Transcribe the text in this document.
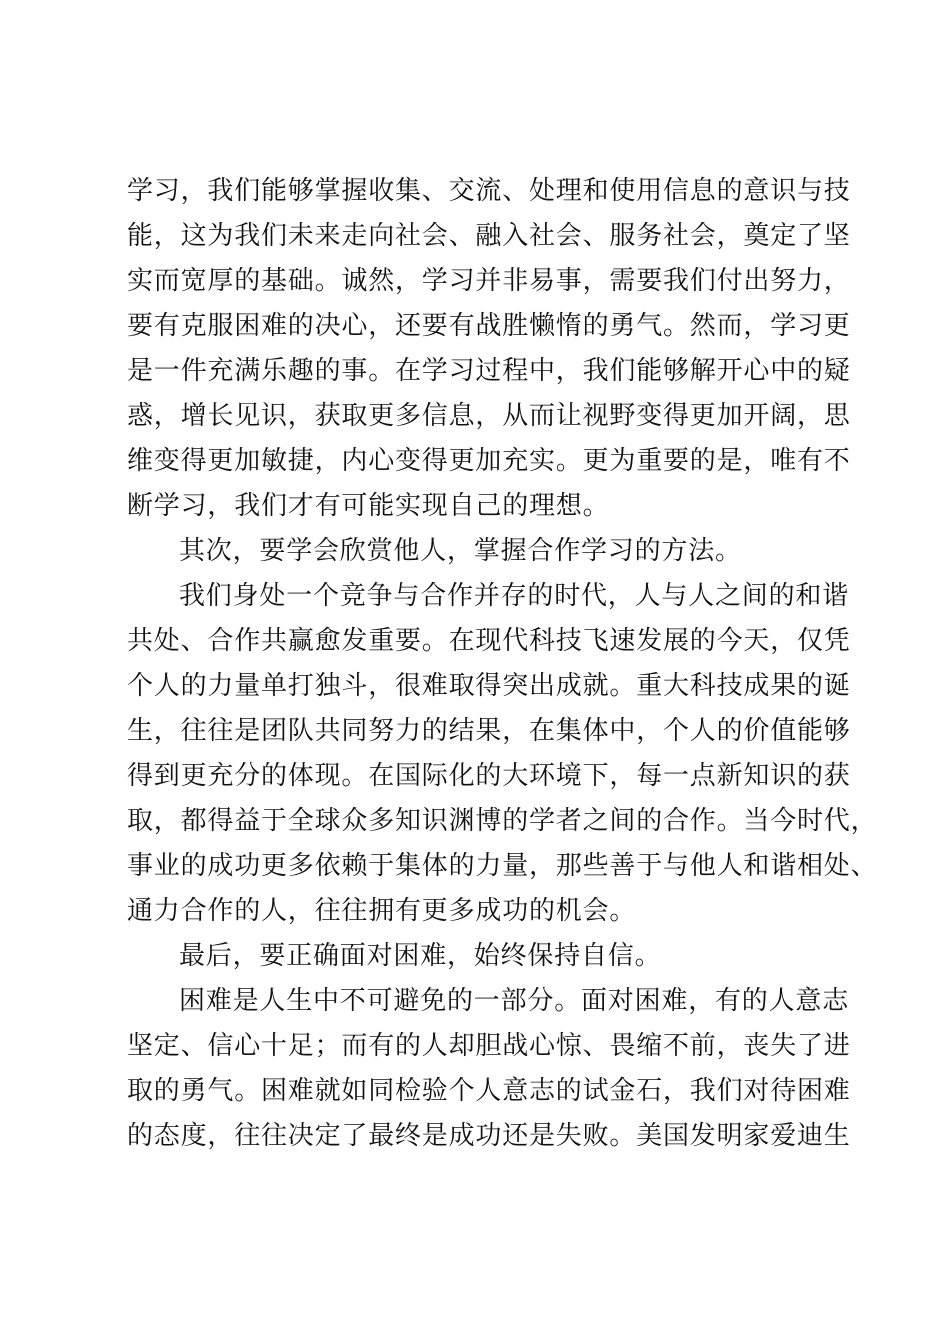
学习，我们能够掌握收集、交流、处理和使用信息的意识与技
能，这为我们未来走向社会、融入社会、服务社会，奠定了坚
实而宽厚的基础。诚然，学习并非易事，需要我们付出努力，
要有克服困难的决心，还要有战胜懒惰的勇气。然而，学习更
是一件充满乐趣的事。在学习过程中，我们能够解开心中的疑
惑，增长见识，获取更多信息，从而让视野变得更加开阔，思
维变得更加敏捷，内心变得更加充实。更为重要的是，唯有不
断学习，我们才有可能实现自己的理想。
其次，要学会欣赏他人，掌握合作学习的方法。
我们身处一个竞争与合作并存的时代，人与人之间的和谐
共处、合作共赢愈发重要。在现代科技飞速发展的今天，仅凭
个人的力量单打独斗，很难取得突出成就。重大科技成果的诞
生，往往是团队共同努力的结果，在集体中，个人的价值能够
得到更充分的体现。在国际化的大环境下，每一点新知识的获
取，都得益于全球众多知识渊博的学者之间的合作。当今时代，
事业的成功更多依赖于集体的力量，那些善于与他人和谐相处、
通力合作的人，往往拥有更多成功的机会。
最后，要正确面对困难，始终保持自信。
困难是人生中不可避免的一部分。面对困难，有的人意志
坚定、信心十足；而有的人却胆战心惊、畏缩不前，丧失了进
取的勇气。困难就如同检验个人意志的试金石，我们对待困难
的态度，往往决定了最终是成功还是失败。美国发明家爱迪生
